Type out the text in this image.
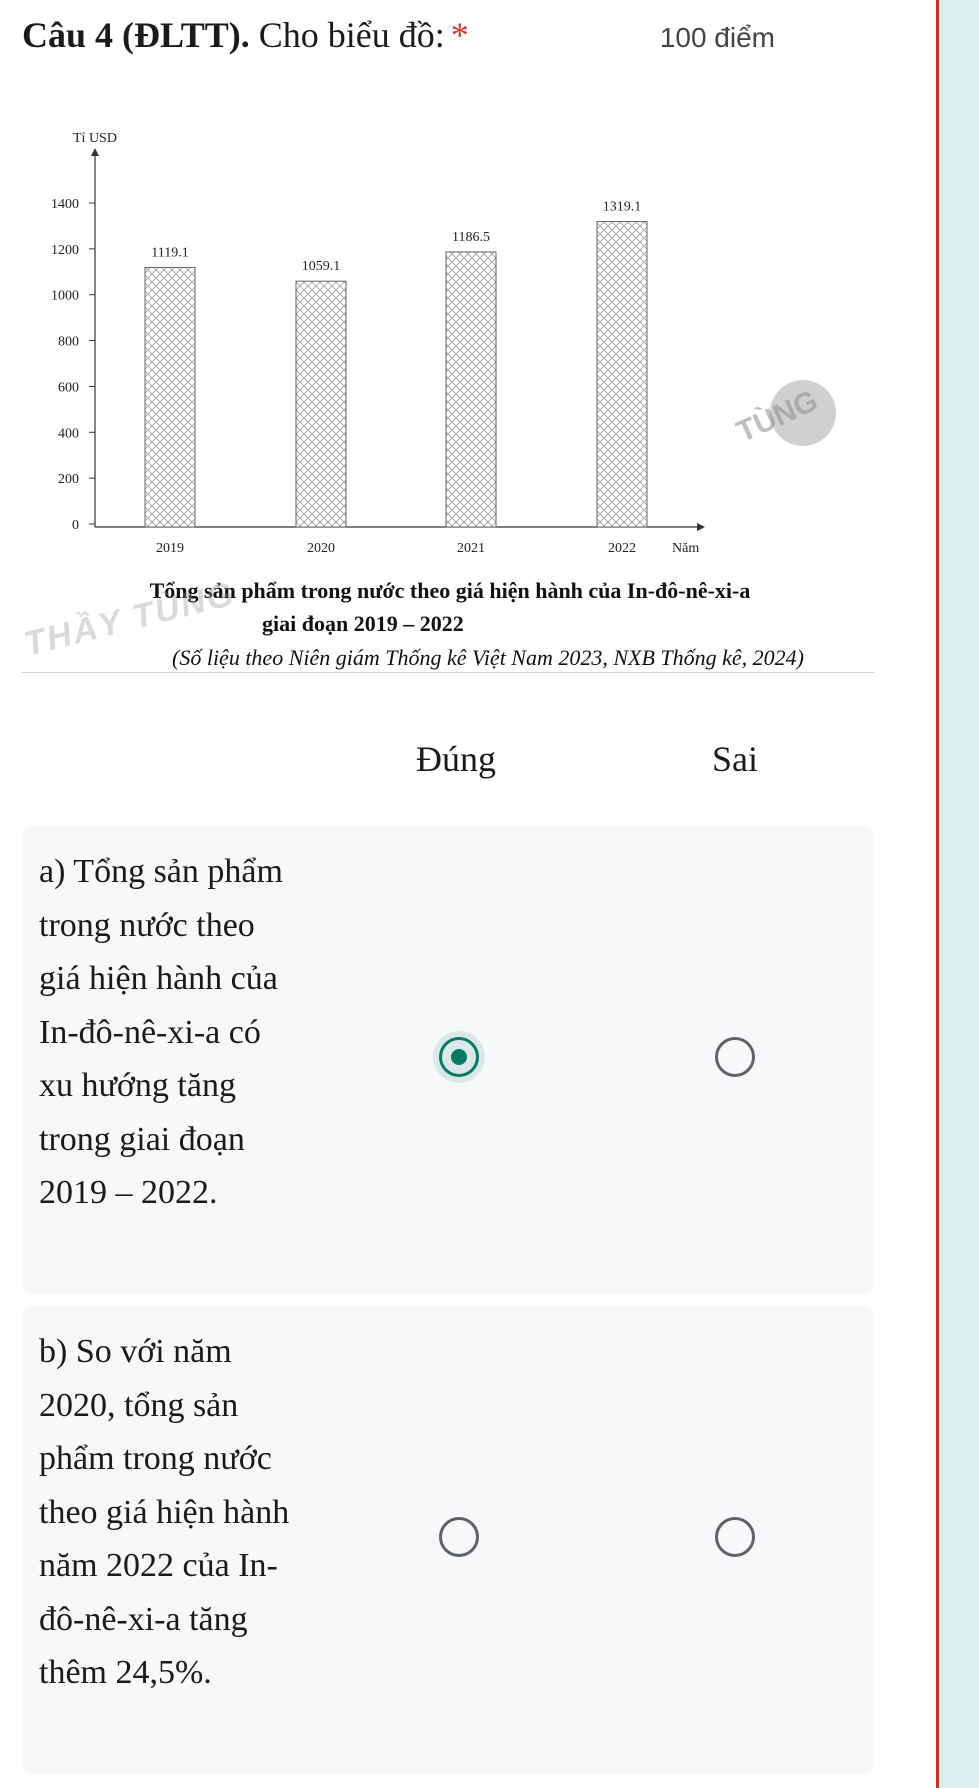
Câu 4 (ĐLTT). Cho biểu đồ: *	100 điểm
Tỉ USD
Năm
0
200
400
600
800
1000
1200
1400
1119.1
2019
1059.1
2020
1186.5
2021
1319.1
2022
TÙNG
Tổng sản phẩm trong nước theo giá hiện hành của In-đô-nê-xi-a
giai đoạn 2019 – 2022
(Số liệu theo Niên giám Thống kê Việt Nam 2023, NXB Thống kê, 2024)
THẦY TÙNG
Đúng	Sai
a) Tổng sản phẩm trong nước theo giá hiện hành của In-đô-nê-xi-a có xu hướng tăng trong giai đoạn 2019 – 2022.
b) So với năm 2020, tổng sản phẩm trong nước theo giá hiện hành năm 2022 của In-đô-nê-xi-a tăng thêm 24,5%.
